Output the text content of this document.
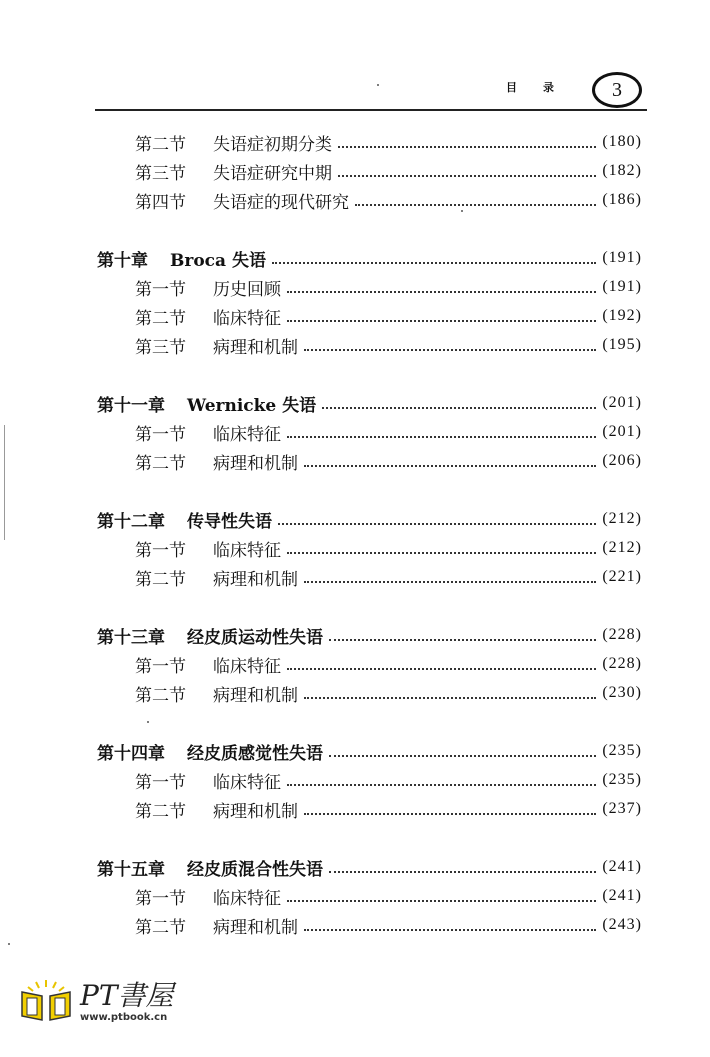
目录 3
第二节	失语症初期分类	(180)
第三节	失语症研究中期	(182)
第四节	失语症的现代研究	(186)
第十章 Broca 失语	(191)
第一节	历史回顾	(191)
第二节	临床特征	(192)
第三节	病理和机制	(195)
第十一章 Wernicke 失语	(201)
第一节	临床特征	(201)
第二节	病理和机制	(206)
第十二章 传导性失语	(212)
第一节	临床特征	(212)
第二节	病理和机制	(221)
第十三章 经皮质运动性失语	(228)
第一节	临床特征	(228)
第二节	病理和机制	(230)
第十四章 经皮质感觉性失语	(235)
第一节	临床特征	(235)
第二节	病理和机制	(237)
第十五章 经皮质混合性失语	(241)
第一节	临床特征	(241)
第二节	病理和机制	(243)
PT書屋
www.ptbook.cn
